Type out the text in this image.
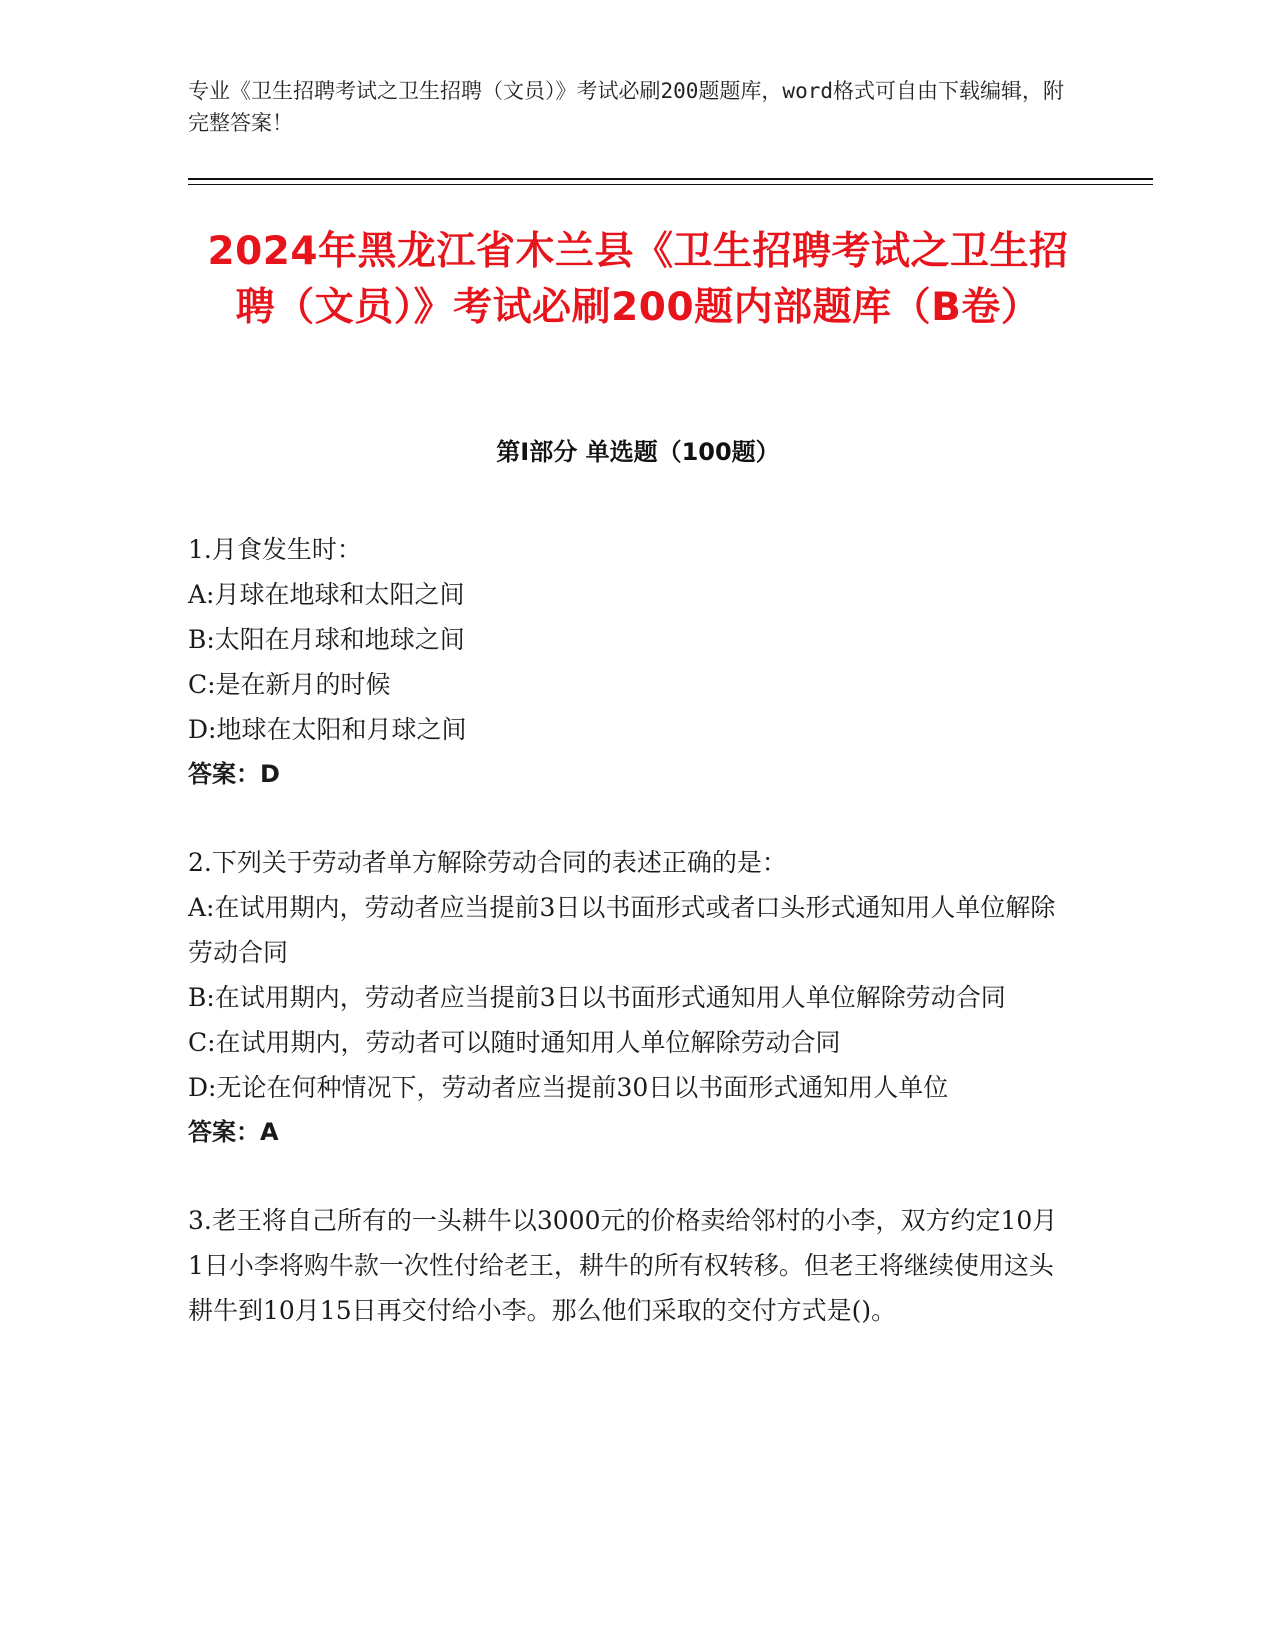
专业《卫生招聘考试之卫生招聘（文员）》考试必刷200题题库，word格式可自由下载编辑，附完整答案！
2024年黑龙江省木兰县《卫生招聘考试之卫生招聘（文员）》考试必刷200题内部题库（B卷）
第Ⅰ部分 单选题（100题）

1.月食发生时：

A:月球在地球和太阳之间

B:太阳在月球和地球之间

C:是在新月的时候

D:地球在太阳和月球之间

答案：D

2.下列关于劳动者单方解除劳动合同的表述正确的是：

A:在试用期内，劳动者应当提前3日以书面形式或者口头形式通知用人单位解除劳动合同

B:在试用期内，劳动者应当提前3日以书面形式通知用人单位解除劳动合同

C:在试用期内，劳动者可以随时通知用人单位解除劳动合同

D:无论在何种情况下，劳动者应当提前30日以书面形式通知用人单位

答案：A

3.老王将自己所有的一头耕牛以3000元的价格卖给邻村的小李，双方约定10月1日小李将购牛款一次性付给老王，耕牛的所有权转移。但老王将继续使用这头耕牛到10月15日再交付给小李。那么他们采取的交付方式是()。
